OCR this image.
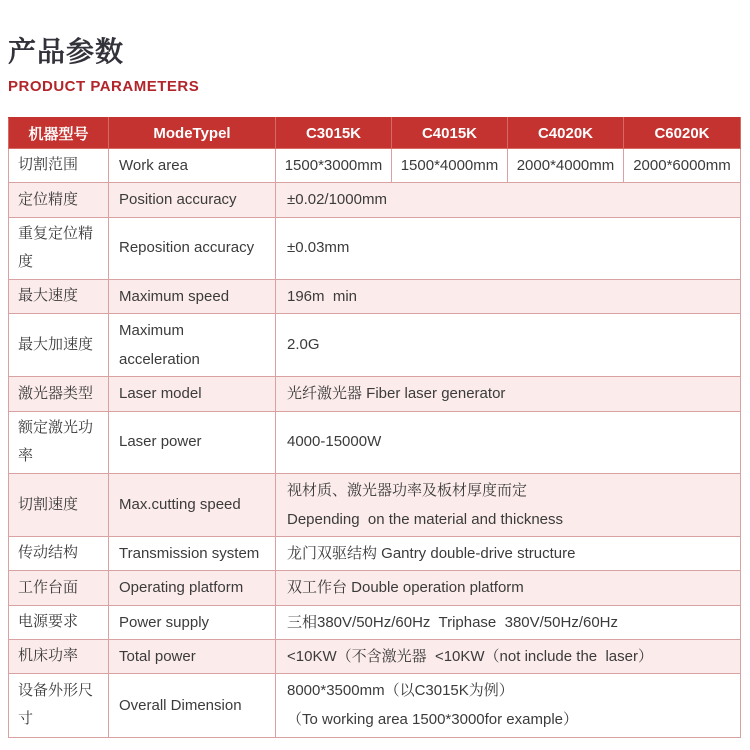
产品参数
PRODUCT PARAMETERS
机器型号	ModeTypel	C3015K	C4015K	C4020K	C6020K
切割范围	Work area	1500*3000mm	1500*4000mm	2000*4000mm	2000*6000mm
定位精度	Position accuracy	±0.02/1000mm			
重复定位精度	Reposition accuracy	±0.03mm			
最大速度	Maximum speed	196m  min			
最大加速度	Maximum acceleration	2.0G			
激光器类型	Laser model	光纤激光器 Fiber laser generator			
额定激光功率	Laser power	4000-15000W			
切割速度	Max.cutting speed	视材质、激光器功率及板材厚度而定
Depending  on the material and thickness			

传动结构	Transmission system	龙门双驱结构 Gantry double-drive structure			
工作台面	Operating platform	双工作台 Double operation platform			
电源要求	Power supply	三相380V/50Hz/60Hz  Triphase  380V/50Hz/60Hz			
机床功率	Total power	<10KW（不含激光器  <10KW（not include the  laser）			
设备外形尺寸	Overall Dimension	8000*3500mm（以C3015K为例）
（To working area 1500*3000for example）			
